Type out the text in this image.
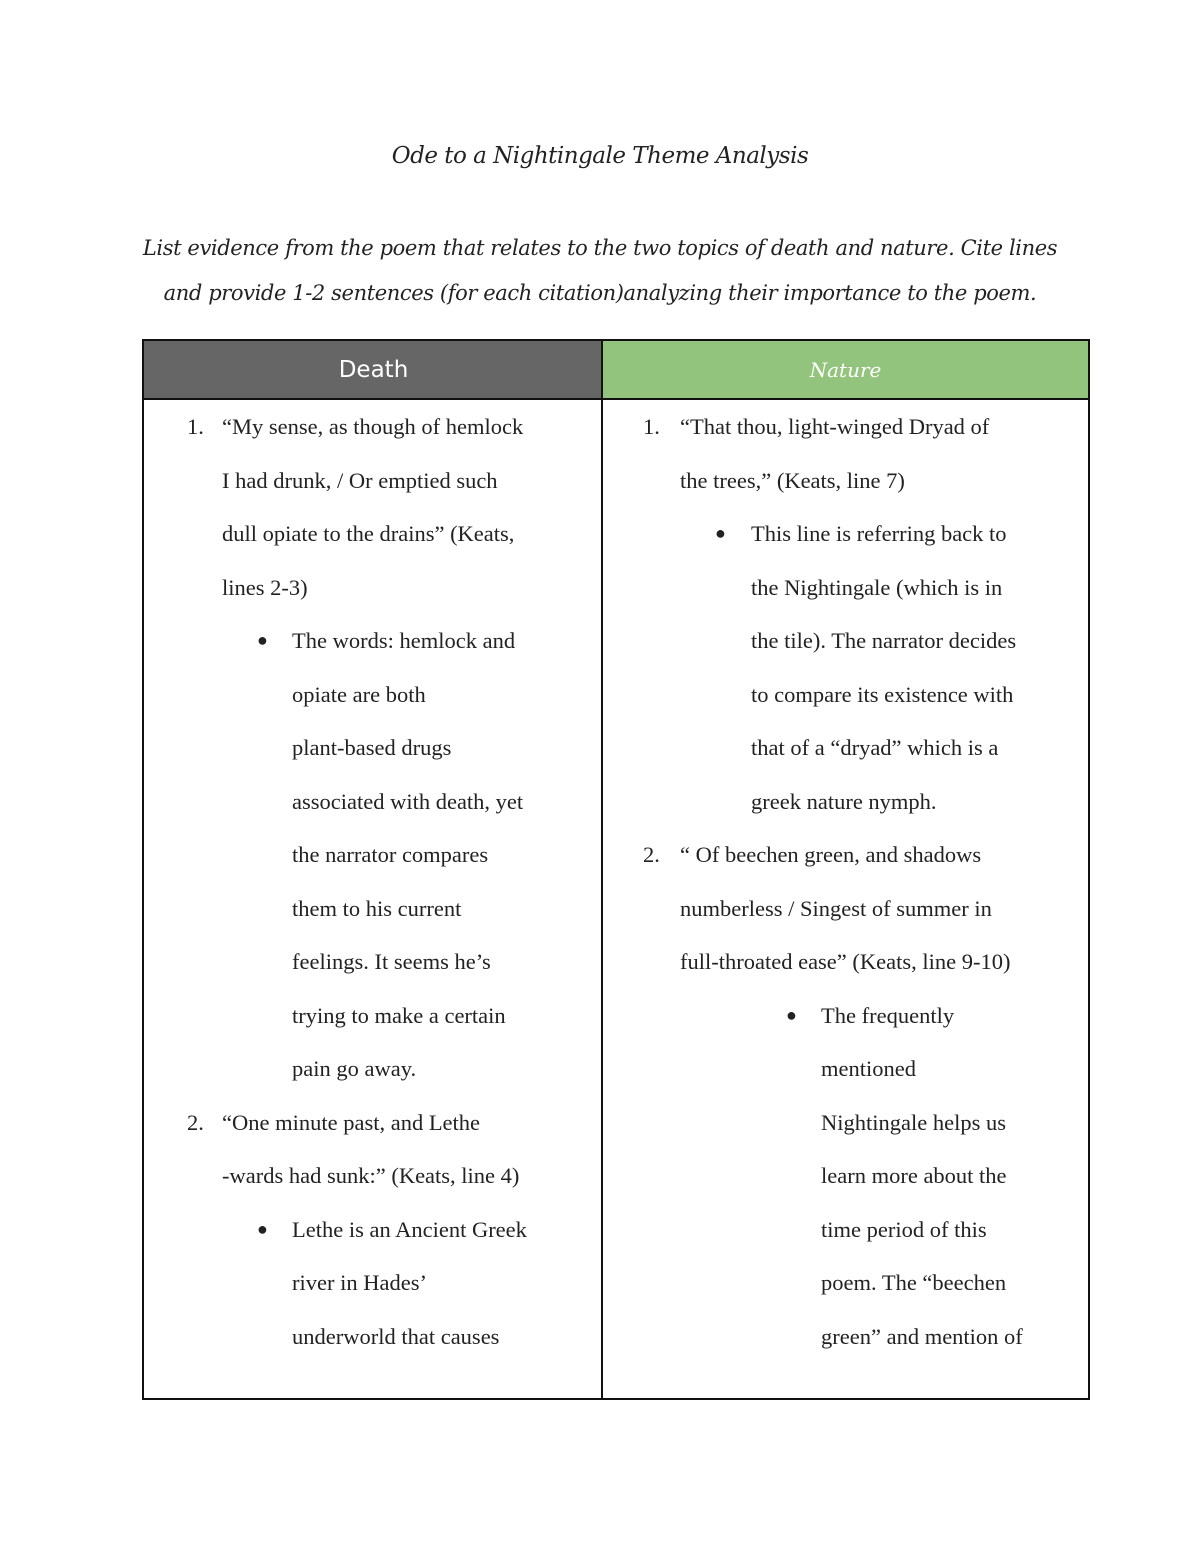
Ode to a Nightingale Theme Analysis
List evidence from the poem that relates to the two topics of death and nature. Cite lines
and provide 1-2 sentences (for each citation)analyzing their importance to the poem.
Death	Nature
1. “My sense, as though of hemlock
I had drunk, / Or emptied such
dull opiate to the drains” (Keats,
lines 2-3)
● The words: hemlock and
opiate are both
plant-based drugs
associated with death, yet
the narrator compares
them to his current
feelings. It seems he’s
trying to make a certain
pain go away.
2. “One minute past, and Lethe
-wards had sunk:” (Keats, line 4)
● Lethe is an Ancient Greek
river in Hades’
underworld that causes
1. “That thou, light-winged Dryad of
the trees,” (Keats, line 7)
● This line is referring back to
the Nightingale (which is in
the tile). The narrator decides
to compare its existence with
that of a “dryad” which is a
greek nature nymph.
2. “ Of beechen green, and shadows
numberless / Singest of summer in
full-throated ease” (Keats, line 9-10)
● The frequently
mentioned
Nightingale helps us
learn more about the
time period of this
poem. The “beechen
green” and mention of
